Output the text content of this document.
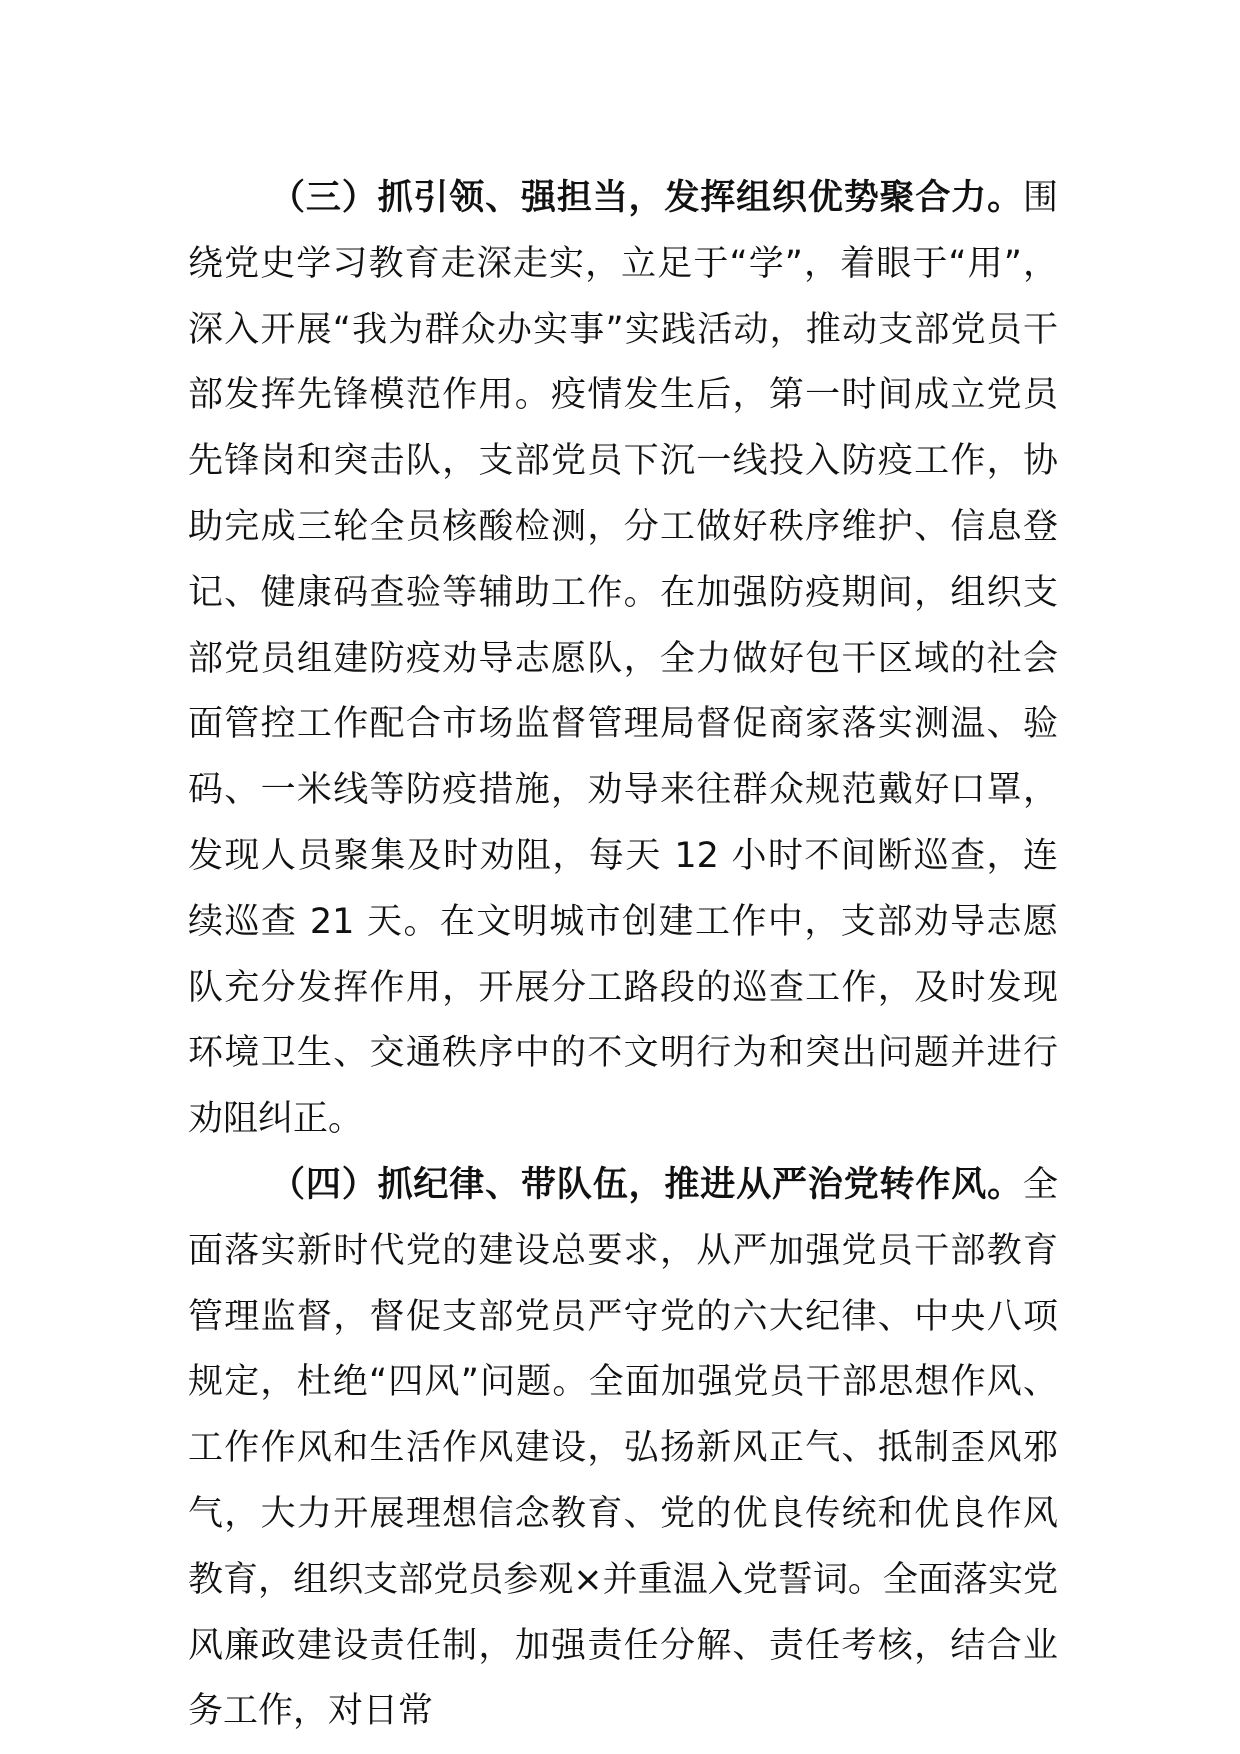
（三）抓引领、强担当，发挥组织优势聚合力。围绕党史学习教育走深走实，立足于“学”，着眼于“用”，深入开展“我为群众办实事”实践活动，推动支部党员干部发挥先锋模范作用。疫情发生后，第一时间成立党员先锋岗和突击队，支部党员下沉一线投入防疫工作，协助完成三轮全员核酸检测，分工做好秩序维护、信息登记、健康码查验等辅助工作。在加强防疫期间，组织支部党员组建防疫劝导志愿队，全力做好包干区域的社会面管控工作配合市场监督管理局督促商家落实测温、验码、一米线等防疫措施，劝导来往群众规范戴好口罩，发现人员聚集及时劝阻，每天 12 小时不间断巡查，连续巡查 21 天。在文明城市创建工作中，支部劝导志愿队充分发挥作用，开展分工路段的巡查工作，及时发现环境卫生、交通秩序中的不文明行为和突出问题并进行劝阻纠正。

（四）抓纪律、带队伍，推进从严治党转作风。全面落实新时代党的建设总要求，从严加强党员干部教育管理监督，督促支部党员严守党的六大纪律、中央八项规定，杜绝“四风”问题。全面加强党员干部思想作风、工作作风和生活作风建设，弘扬新风正气、抵制歪风邪气，大力开展理想信念教育、党的优良传统和优良作风教育，组织支部党员参观×并重温入党誓词。全面落实党风廉政建设责任制，加强责任分解、责任考核，结合业务工作，对日常
